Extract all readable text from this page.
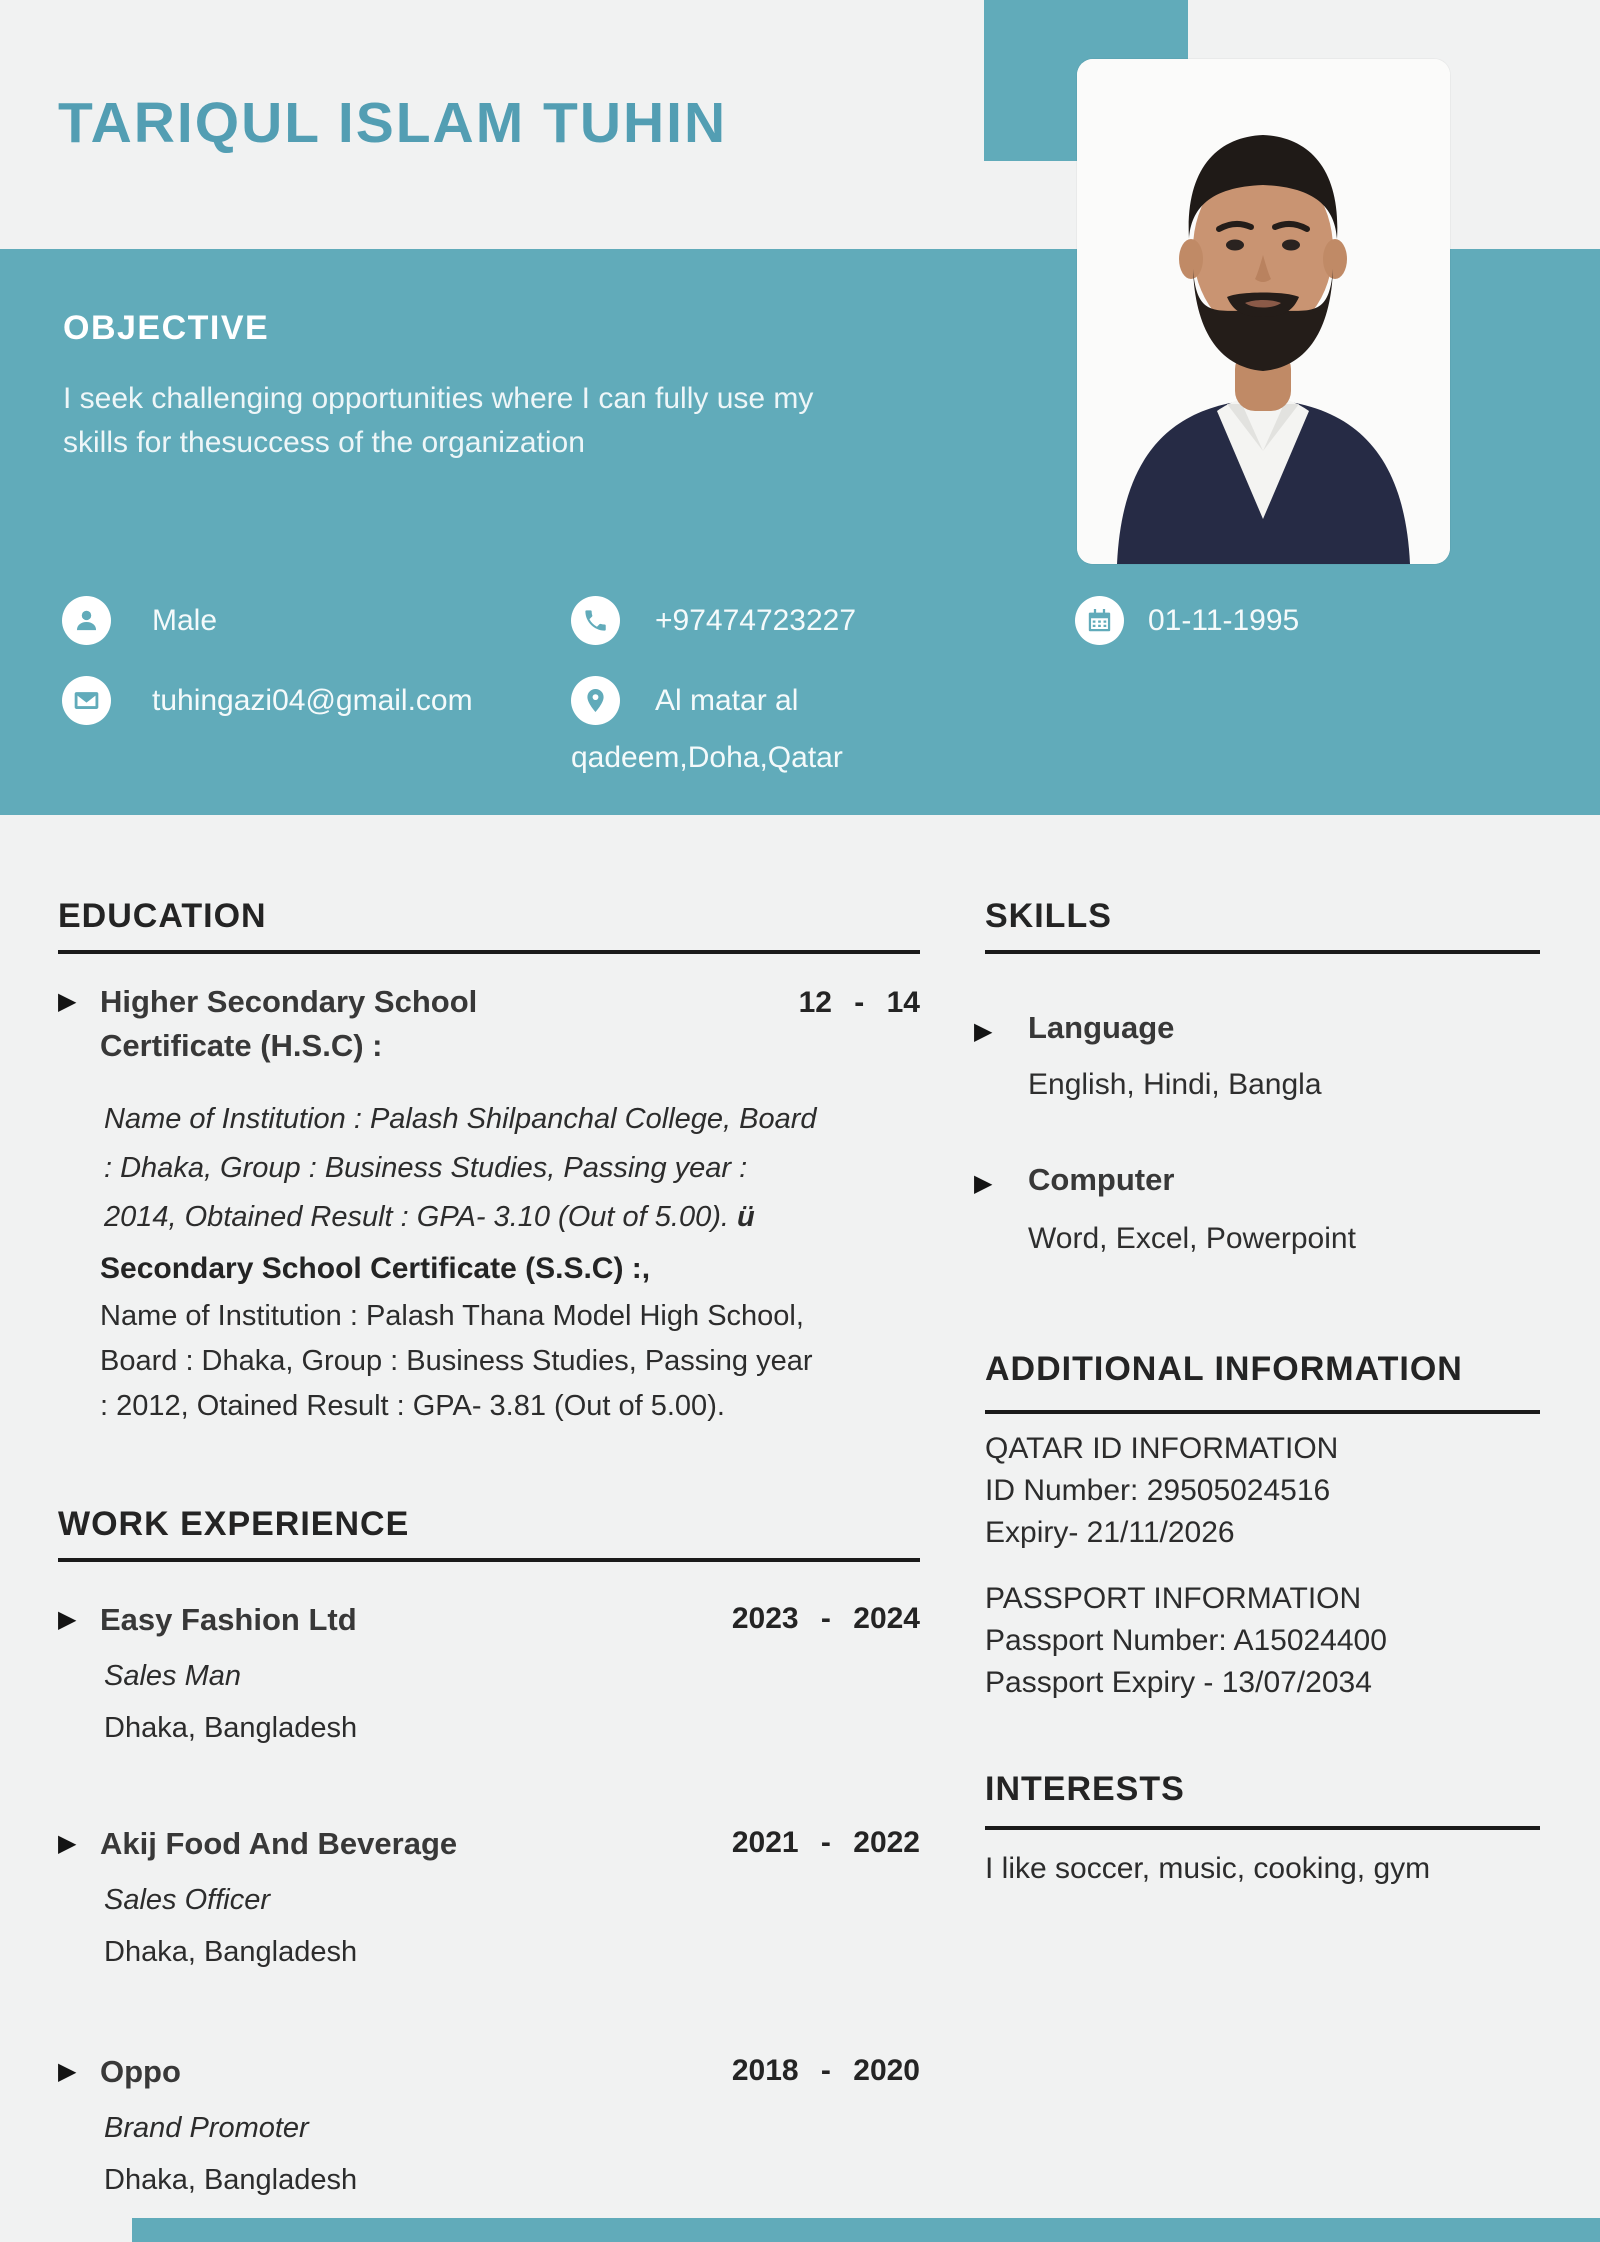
TARIQUL ISLAM TUHIN
OBJECTIVE
I seek challenging opportunities where I can fully use my
skills for thesuccess of the organization
Male	+97474723227	01-11-1995
tuhingazi04@gmail.com	Al matar al
qadeem,Doha,Qatar
EDUCATION
▶ Higher Secondary School
Certificate (H.S.C) :
12 - 14
Name of Institution : Palash Shilpanchal College, Board
: Dhaka, Group : Business Studies, Passing year :
2014, Obtained Result : GPA- 3.10 (Out of 5.00). ü
Secondary School Certificate (S.S.C) :,
Name of Institution : Palash Thana Model High School,
Board : Dhaka, Group : Business Studies, Passing year
: 2012, Otained Result : GPA- 3.81 (Out of 5.00).
WORK EXPERIENCE
▶ Easy Fashion Ltd	2023 - 2024
Sales Man
Dhaka, Bangladesh
▶ Akij Food And Beverage	2021 - 2022
Sales Officer
Dhaka, Bangladesh
▶ Oppo	2018 - 2020
Brand Promoter
Dhaka, Bangladesh
SKILLS
▶ Language
English, Hindi, Bangla
▶ Computer
Word, Excel, Powerpoint
ADDITIONAL INFORMATION
QATAR ID INFORMATION
ID Number: 29505024516
Expiry- 21/11/2026
PASSPORT INFORMATION
Passport Number: A15024400
Passport Expiry - 13/07/2034
INTERESTS
I like soccer, music, cooking, gym
